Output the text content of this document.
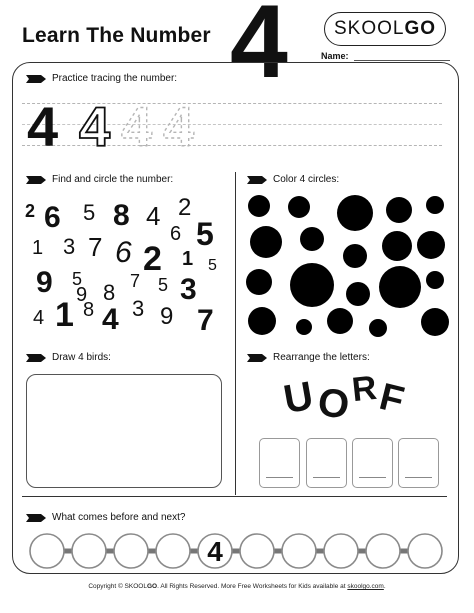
Learn The Number 4 SKOOL GO
Name:
Practice tracing the number:
4 4 4 4
Find and circle the number:
2 6 5 8 4 2
6 5
1 3 7 6 2 1 5
9 5	7 5
9 8 3
4 1 8 4 3 9 7
Color 4 circles:
Draw 4 birds:	Rearrange the letters:
U O
R
F
What comes before and next?
4
Copyright © SKOOLGO. All Rights Reserved. More Free Worksheets for Kids available at skoolgo.com.
